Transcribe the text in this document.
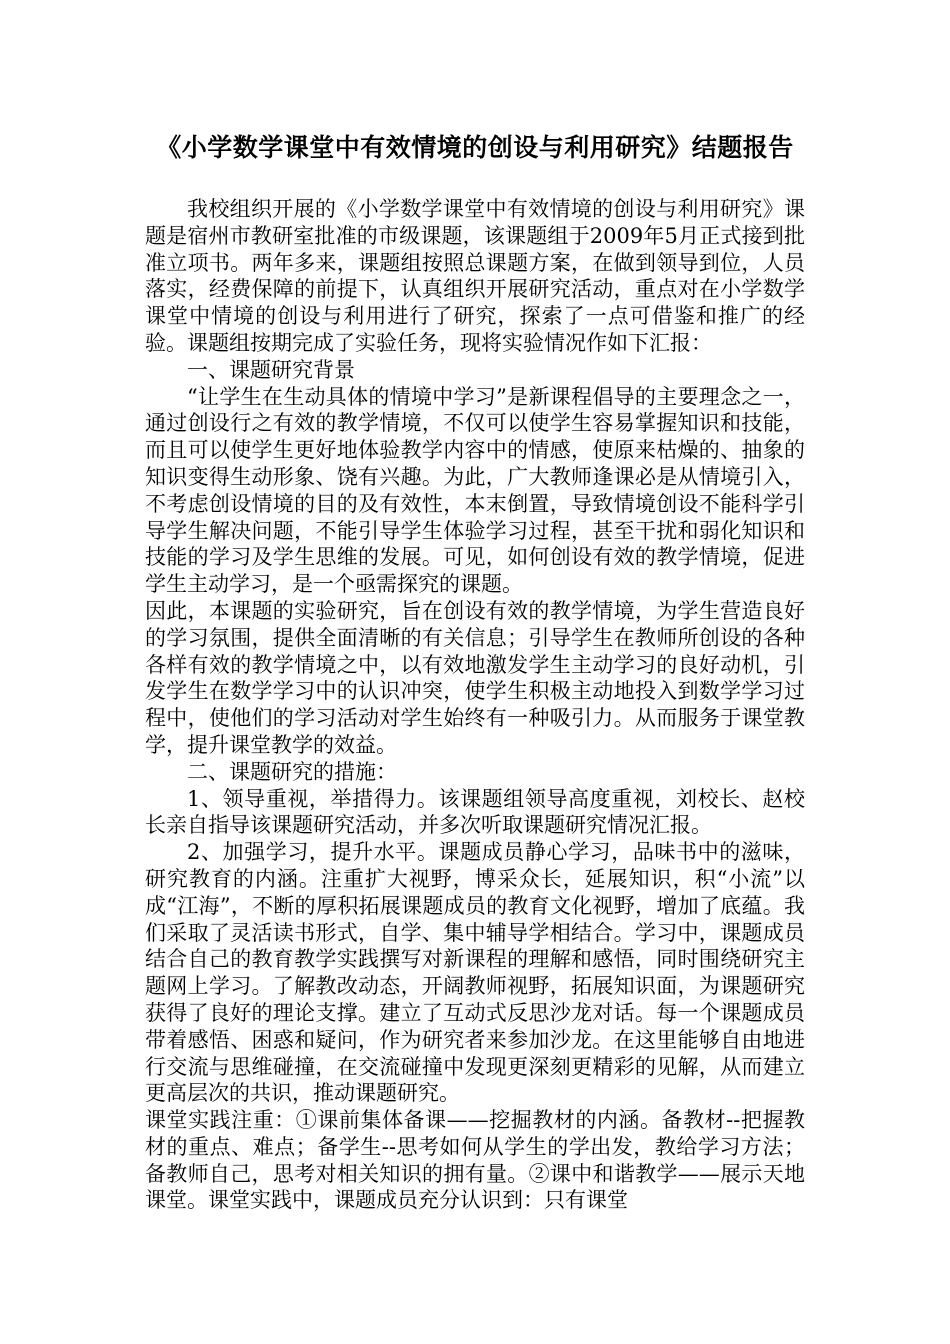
《小学数学课堂中有效情境的创设与利用研究》结题报告

我校组织开展的《小学数学课堂中有效情境的创设与利用研究》课题是宿州市教研室批准的市级课题，该课题组于2009年5月正式接到批准立项书。两年多来，课题组按照总课题方案，在做到领导到位，人员落实，经费保障的前提下，认真组织开展研究活动，重点对在小学数学课堂中情境的创设与利用进行了研究，探索了一点可借鉴和推广的经验。课题组按期完成了实验任务，现将实验情况作如下汇报：

一、课题研究背景

“让学生在生动具体的情境中学习”是新课程倡导的主要理念之一，通过创设行之有效的教学情境，不仅可以使学生容易掌握知识和技能，而且可以使学生更好地体验教学内容中的情感，使原来枯燥的、抽象的知识变得生动形象、饶有兴趣。为此，广大教师逢课必是从情境引入，不考虑创设情境的目的及有效性，本末倒置，导致情境创设不能科学引导学生解决问题，不能引导学生体验学习过程，甚至干扰和弱化知识和技能的学习及学生思维的发展。可见，如何创设有效的教学情境，促进学生主动学习，是一个亟需探究的课题。

因此，本课题的实验研究，旨在创设有效的教学情境，为学生营造良好的学习氛围，提供全面清晰的有关信息；引导学生在教师所创设的各种各样有效的教学情境之中，以有效地激发学生主动学习的良好动机，引发学生在数学学习中的认识冲突，使学生积极主动地投入到数学学习过程中，使他们的学习活动对学生始终有一种吸引力。从而服务于课堂教学，提升课堂教学的效益。

二、课题研究的措施：

1、领导重视，举措得力。该课题组领导高度重视，刘校长、赵校长亲自指导该课题研究活动，并多次听取课题研究情况汇报。

2、加强学习，提升水平。课题成员静心学习，品味书中的滋味，研究教育的内涵。注重扩大视野，博采众长，延展知识，积“小流”以成“江海”，不断的厚积拓展课题成员的教育文化视野，增加了底蕴。我们采取了灵活读书形式，自学、集中辅导学相结合。学习中，课题成员结合自己的教育教学实践撰写对新课程的理解和感悟，同时围绕研究主题网上学习。了解教改动态，开阔教师视野，拓展知识面，为课题研究获得了良好的理论支撑。建立了互动式反思沙龙对话。每一个课题成员带着感悟、困惑和疑问，作为研究者来参加沙龙。在这里能够自由地进行交流与思维碰撞，在交流碰撞中发现更深刻更精彩的见解，从而建立更高层次的共识，推动课题研究。

课堂实践注重：①课前集体备课——挖掘教材的内涵。备教材--把握教材的重点、难点；备学生--思考如何从学生的学出发，教给学习方法；备教师自己，思考对相关知识的拥有量。②课中和谐教学——展示天地课堂。课堂实践中，课题成员充分认识到：只有课堂
